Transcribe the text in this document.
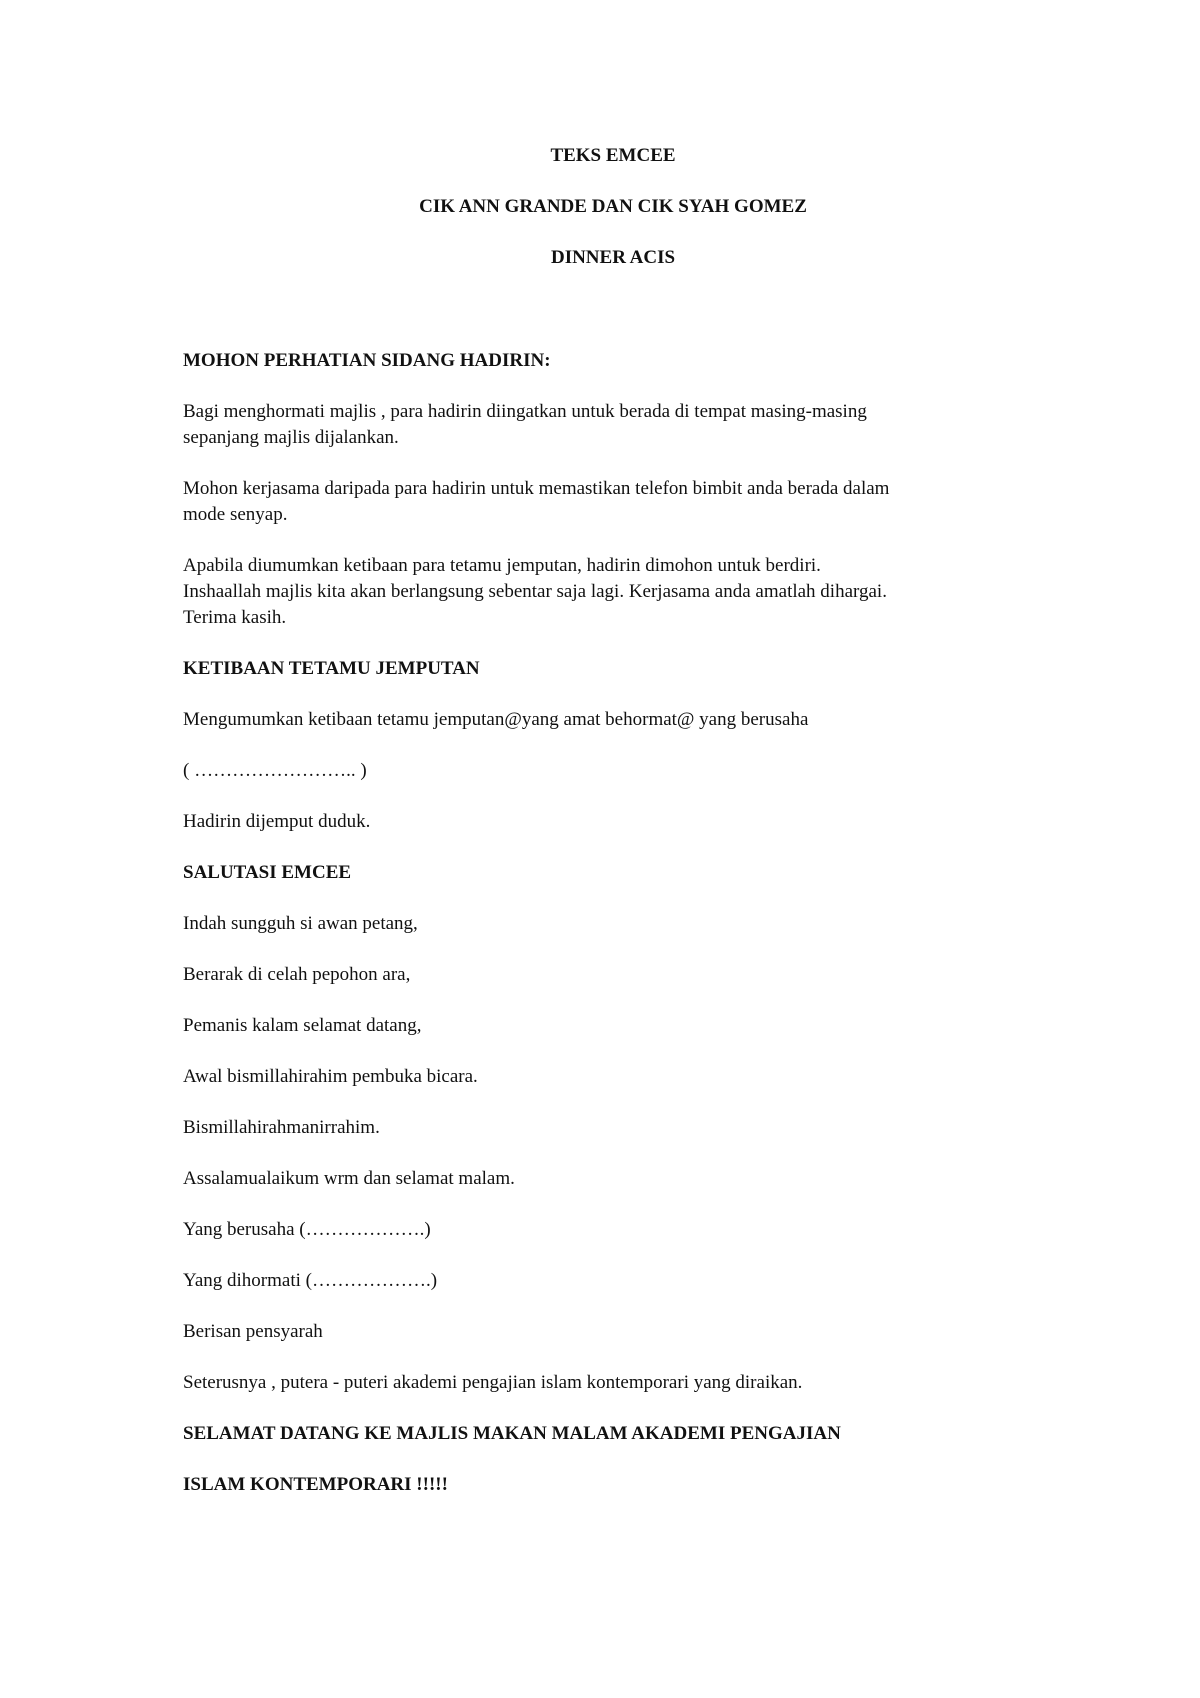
TEKS EMCEE

CIK ANN GRANDE DAN CIK SYAH GOMEZ

DINNER ACIS

MOHON PERHATIAN SIDANG HADIRIN:

Bagi menghormati majlis , para hadirin diingatkan untuk berada di tempat masing-masing

sepanjang majlis dijalankan.

Mohon kerjasama daripada para hadirin untuk memastikan telefon bimbit anda berada dalam

mode senyap.

Apabila diumumkan ketibaan para tetamu jemputan, hadirin dimohon untuk berdiri.

Inshaallah majlis kita akan berlangsung sebentar saja lagi. Kerjasama anda amatlah dihargai.

Terima kasih.

KETIBAAN TETAMU JEMPUTAN

Mengumumkan ketibaan tetamu jemputan@yang amat behormat@ yang berusaha

( …………………….. )

Hadirin dijemput duduk.

SALUTASI EMCEE

Indah sungguh si awan petang,

Berarak di celah pepohon ara,

Pemanis kalam selamat datang,

Awal bismillahirahim pembuka bicara.

Bismillahirahmanirrahim.

Assalamualaikum wrm dan selamat malam.

Yang berusaha (……………….)

Yang dihormati (……………….)

Berisan pensyarah

Seterusnya , putera - puteri akademi pengajian islam kontemporari yang diraikan.

SELAMAT DATANG KE MAJLIS MAKAN MALAM AKADEMI PENGAJIAN

ISLAM KONTEMPORARI !!!!!
